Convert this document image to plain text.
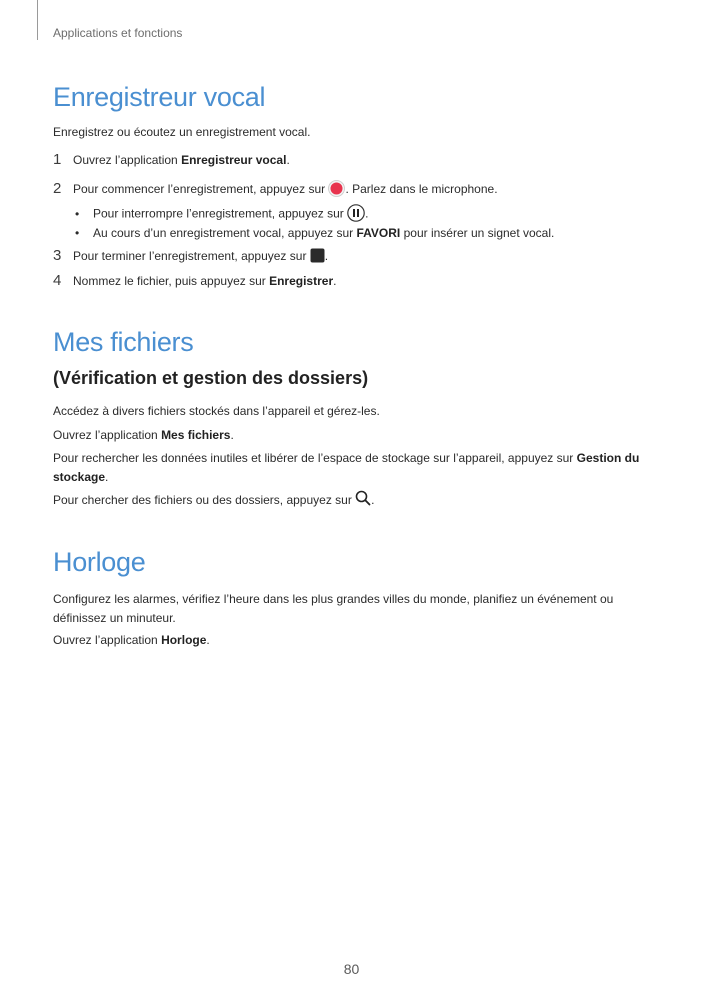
Applications et fonctions
Enregistreur vocal
Enregistrez ou écoutez un enregistrement vocal.
1 Ouvrez l’application Enregistreur vocal.
2 Pour commencer l’enregistrement, appuyez sur . Parlez dans le microphone.
• Pour interrompre l’enregistrement, appuyez sur .
• Au cours d’un enregistrement vocal, appuyez sur FAVORI pour insérer un signet vocal.
3 Pour terminer l’enregistrement, appuyez sur .
4 Nommez le fichier, puis appuyez sur Enregistrer.
Mes fichiers
(Vérification et gestion des dossiers)
Accédez à divers fichiers stockés dans l’appareil et gérez-les.
Ouvrez l’application Mes fichiers.
Pour rechercher les données inutiles et libérer de l’espace de stockage sur l’appareil, appuyez sur Gestion du stockage.
Pour chercher des fichiers ou des dossiers, appuyez sur .
Horloge
Configurez les alarmes, vérifiez l’heure dans les plus grandes villes du monde, planifiez un événement ou définissez un minuteur.
Ouvrez l’application Horloge.
80
